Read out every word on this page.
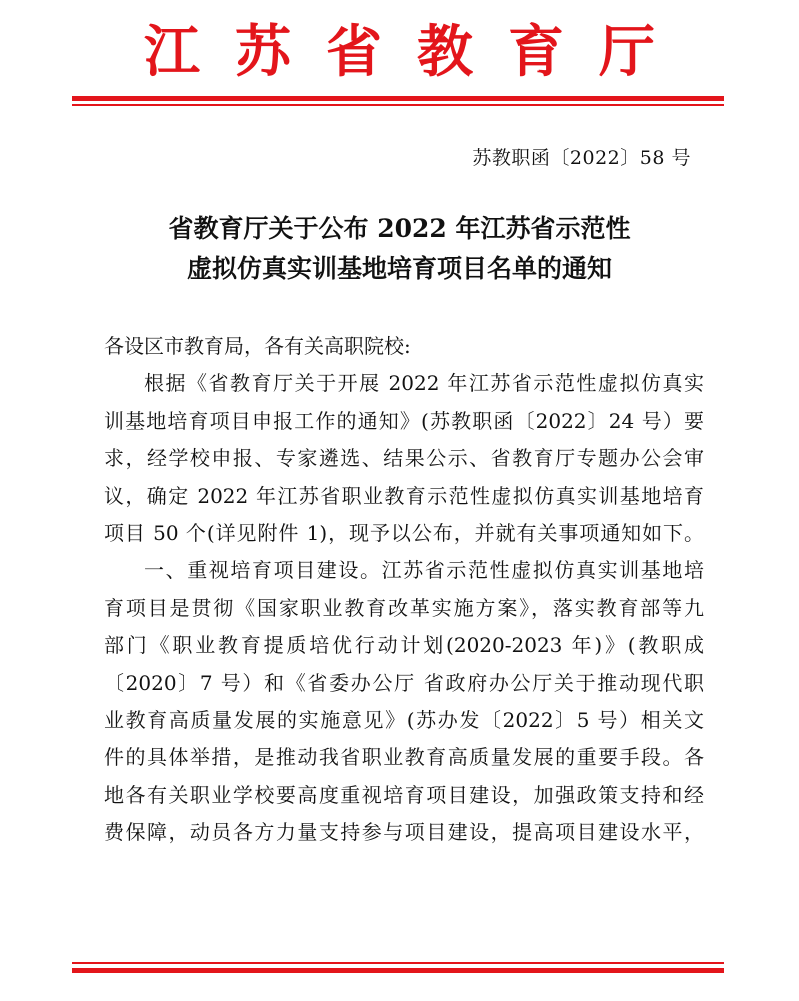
江 苏 省 教 育 厅
苏教职函〔2022〕58 号
省教育厅关于公布 2022 年江苏省示范性
虚拟仿真实训基地培育项目名单的通知
各设区市教育局，各有关高职院校:
根据《省教育厅关于开展 2022 年江苏省示范性虚拟仿真实
训基地培育项目申报工作的通知》(苏教职函〔2022〕24 号）要
求，经学校申报、专家遴选、结果公示、省教育厅专题办公会审
议，确定 2022 年江苏省职业教育示范性虚拟仿真实训基地培育
项目 50 个(详见附件 1)，现予以公布，并就有关事项通知如下。
一、重视培育项目建设。江苏省示范性虚拟仿真实训基地培
育项目是贯彻《国家职业教育改革实施方案》，落实教育部等九
部门《职业教育提质培优行动计划(2020-2023 年)》(教职成
〔2020〕7 号）和《省委办公厅 省政府办公厅关于推动现代职
业教育高质量发展的实施意见》(苏办发〔2022〕5 号）相关文
件的具体举措，是推动我省职业教育高质量发展的重要手段。各
地各有关职业学校要高度重视培育项目建设，加强政策支持和经
费保障，动员各方力量支持参与项目建设，提高项目建设水平，
